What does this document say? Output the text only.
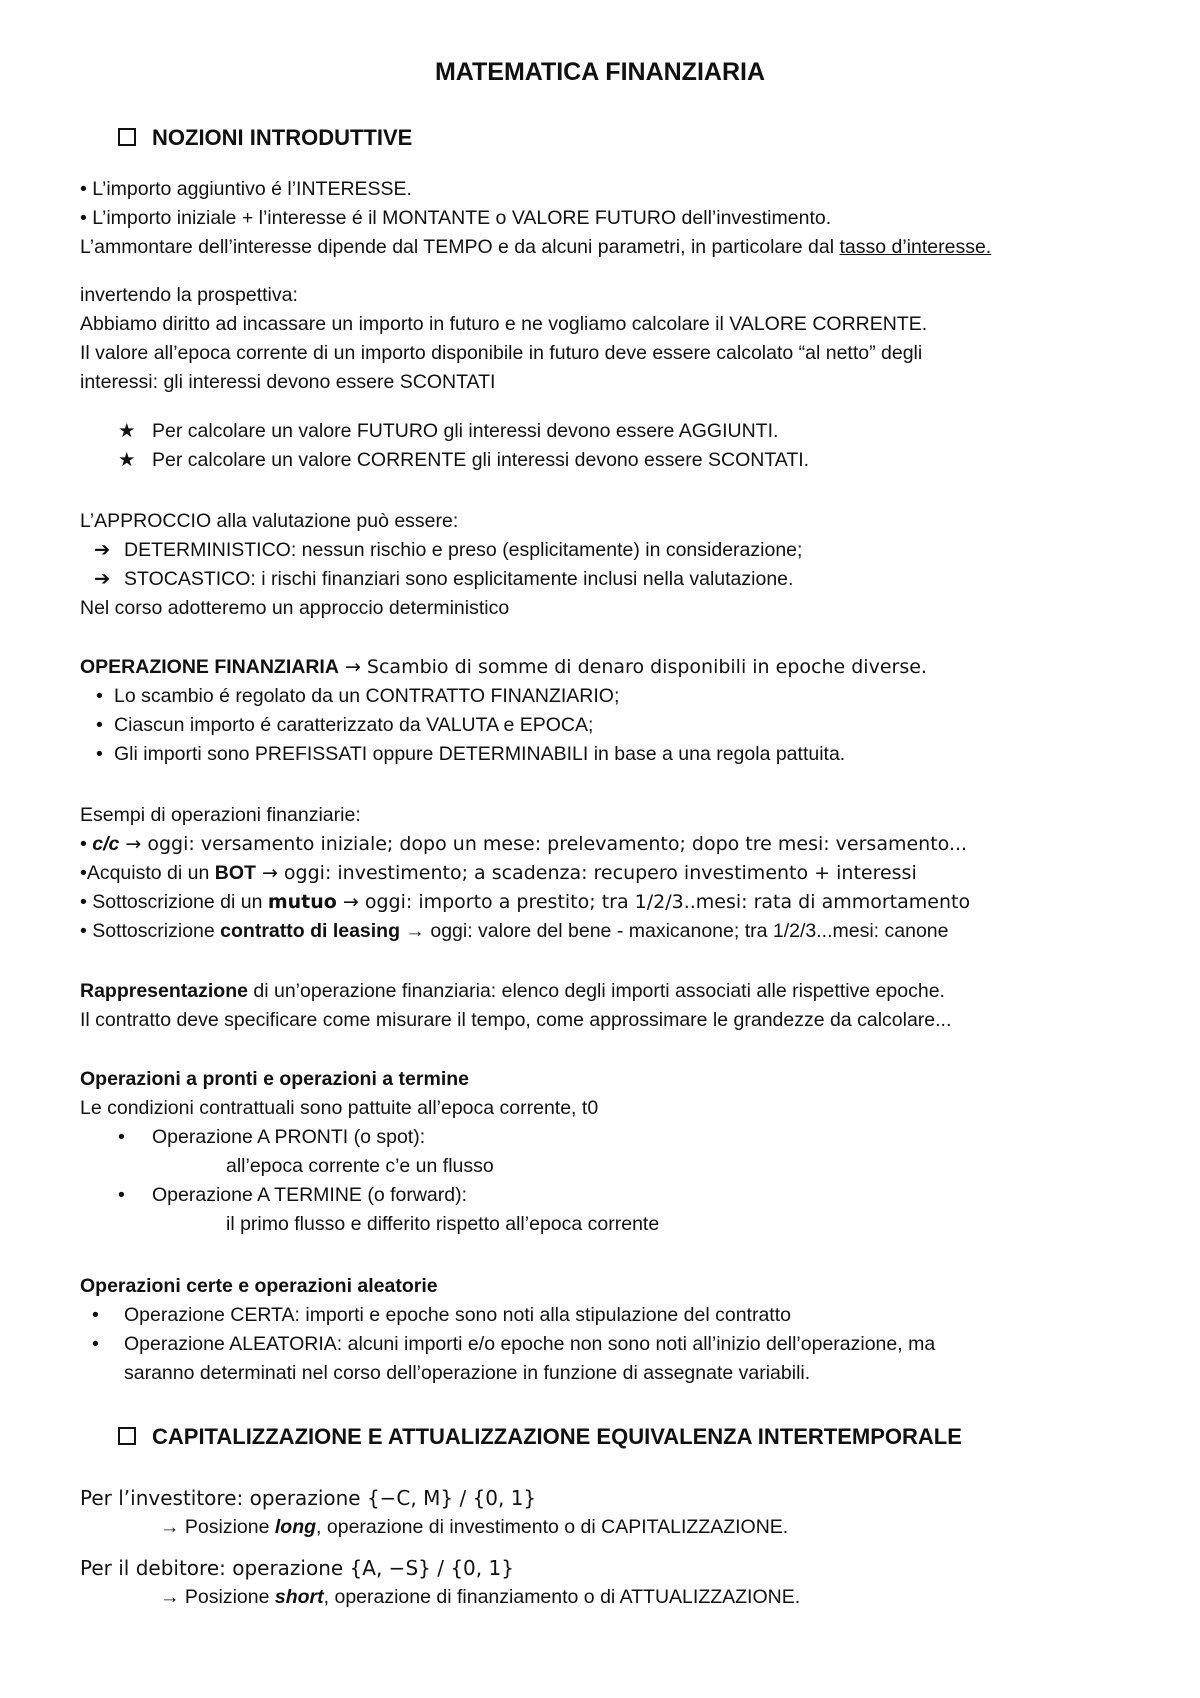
MATEMATICA FINANZIARIA
NOZIONI INTRODUTTIVE
• L’importo aggiuntivo é l’INTERESSE.
• L’importo iniziale + l’interesse é il MONTANTE o VALORE FUTURO dell’investimento.
L’ammontare dell’interesse dipende dal TEMPO e da alcuni parametri, in particolare dal tasso d’interesse.
invertendo la prospettiva:
Abbiamo diritto ad incassare un importo in futuro e ne vogliamo calcolare il VALORE CORRENTE.
Il valore all’epoca corrente di un importo disponibile in futuro deve essere calcolato “al netto” degli
interessi: gli interessi devono essere SCONTATI
★ Per calcolare un valore FUTURO gli interessi devono essere AGGIUNTI.
★ Per calcolare un valore CORRENTE gli interessi devono essere SCONTATI.
L’APPROCCIO alla valutazione può essere:
➔ DETERMINISTICO: nessun rischio e preso (esplicitamente) in considerazione;
➔ STOCASTICO: i rischi finanziari sono esplicitamente inclusi nella valutazione.
Nel corso adotteremo un approccio deterministico
OPERAZIONE FINANZIARIA → Scambio di somme di denaro disponibili in epoche diverse.
• Lo scambio é regolato da un CONTRATTO FINANZIARIO;
• Ciascun importo é caratterizzato da VALUTA e EPOCA;
• Gli importi sono PREFISSATI oppure DETERMINABILI in base a una regola pattuita.
Esempi di operazioni finanziarie:
• c/c → oggi: versamento iniziale; dopo un mese: prelevamento; dopo tre mesi: versamento...
•Acquisto di un BOT → oggi: investimento; a scadenza: recupero investimento + interessi
• Sottoscrizione di un mutuo → oggi: importo a prestito; tra 1/2/3..mesi: rata di ammortamento
• Sottoscrizione contratto di leasing → oggi: valore del bene - maxicanone; tra 1/2/3...mesi: canone
Rappresentazione di un’operazione finanziaria: elenco degli importi associati alle rispettive epoche.
Il contratto deve specificare come misurare il tempo, come approssimare le grandezze da calcolare...
Operazioni a pronti e operazioni a termine
Le condizioni contrattuali sono pattuite all’epoca corrente, t0
• Operazione A PRONTI (o spot):
all’epoca corrente c’e un flusso
• Operazione A TERMINE (o forward):
il primo flusso e differito rispetto all’epoca corrente
Operazioni certe e operazioni aleatorie
• Operazione CERTA: importi e epoche sono noti alla stipulazione del contratto
• Operazione ALEATORIA: alcuni importi e/o epoche non sono noti all’inizio dell’operazione, ma
saranno determinati nel corso dell’operazione in funzione di assegnate variabili.
CAPITALIZZAZIONE E ATTUALIZZAZIONE EQUIVALENZA INTERTEMPORALE
Per l’investitore: operazione {−C, M} / {0, 1}
→ Posizione long, operazione di investimento o di CAPITALIZZAZIONE.
Per il debitore: operazione {A, −S} / {0, 1}
→ Posizione short, operazione di finanziamento o di ATTUALIZZAZIONE.
